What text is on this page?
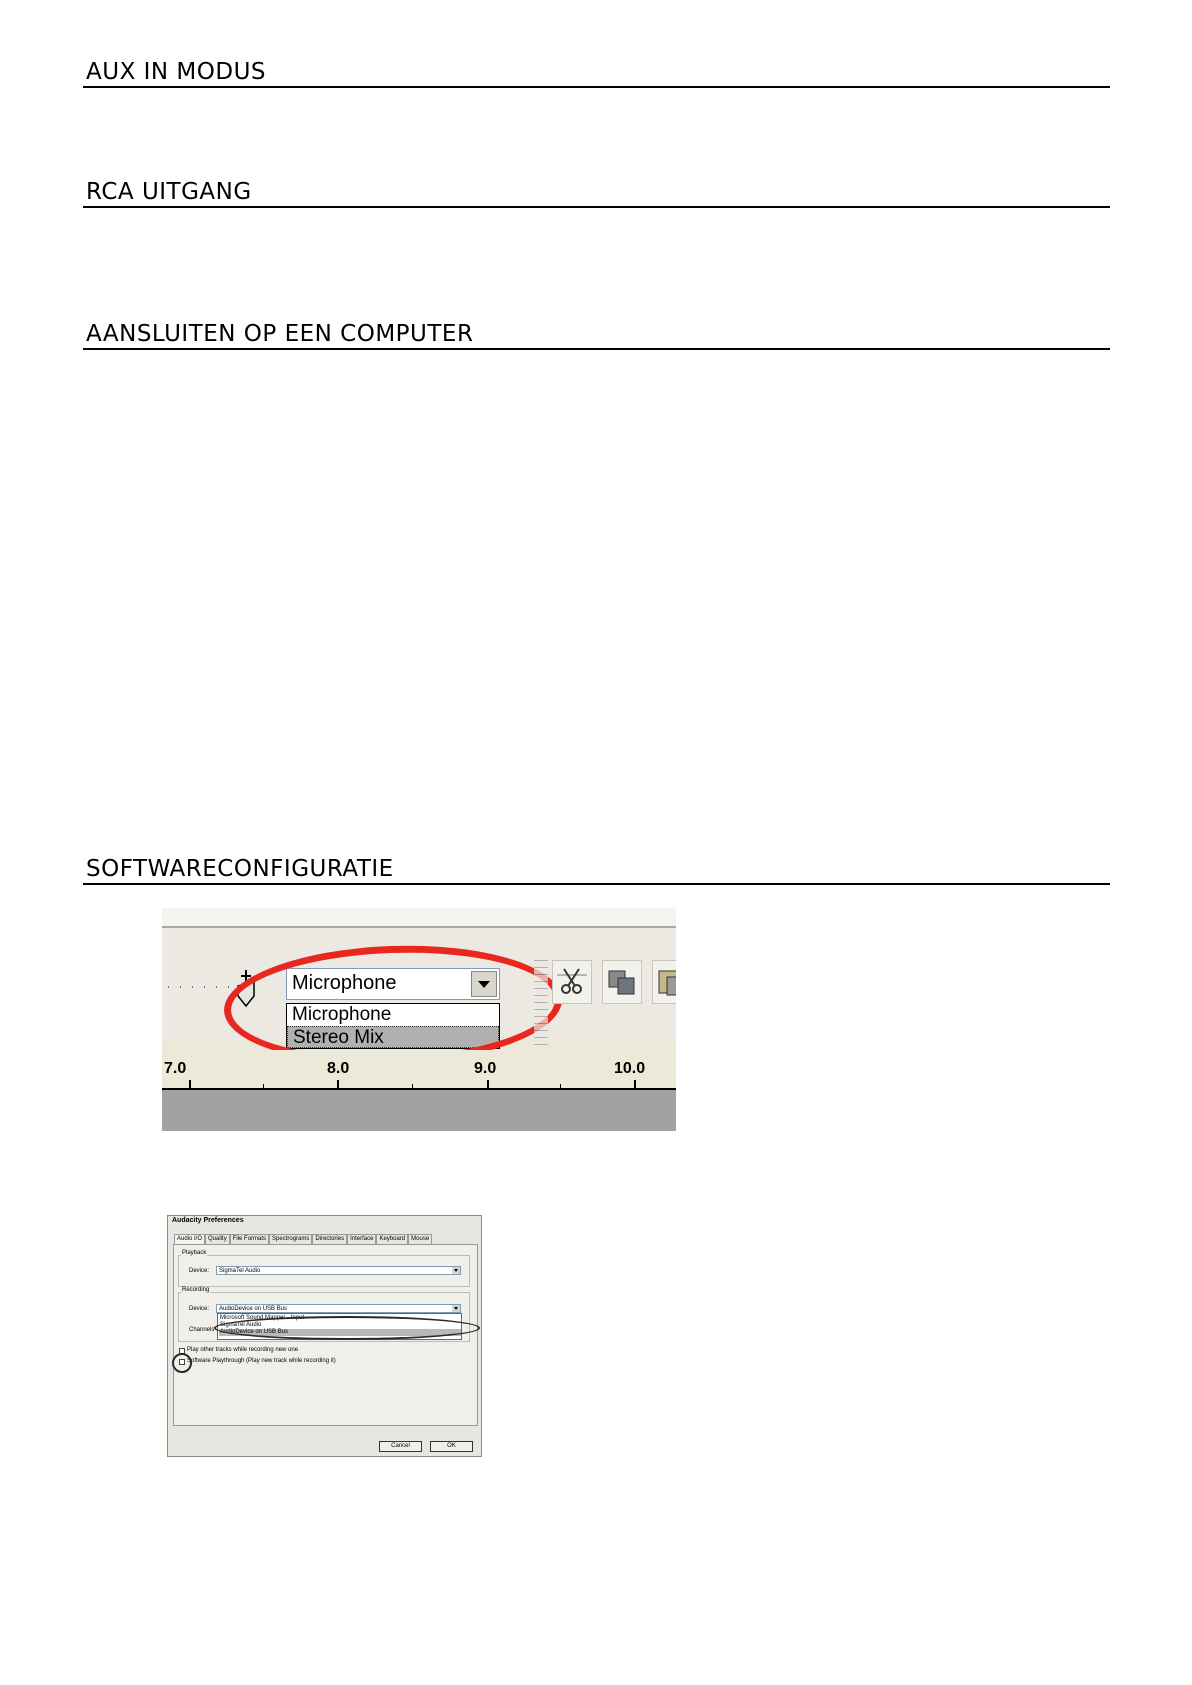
AUX IN MODUS
RCA UITGANG
AANSLUITEN OP EEN COMPUTER
SOFTWARECONFIGURATIE
Microphone
Microphone
Stereo Mix
7.0	8.0	9.0	10.0
Audacity Preferences
Audio I/O	Quality	File Formats	Spectrograms	Directories	Interface	Keyboard	Mouse
Playback
Device:	SigmaTel Audio
Recording
Device:	AudioDevice on USB Bus
Channels
Microsoft Sound Mapper - Input
SigmaTel Audio
AudioDevice on USB Bus
Play other tracks while recording new one
Software Playthrough (Play new track while recording it)
Cancel	OK
